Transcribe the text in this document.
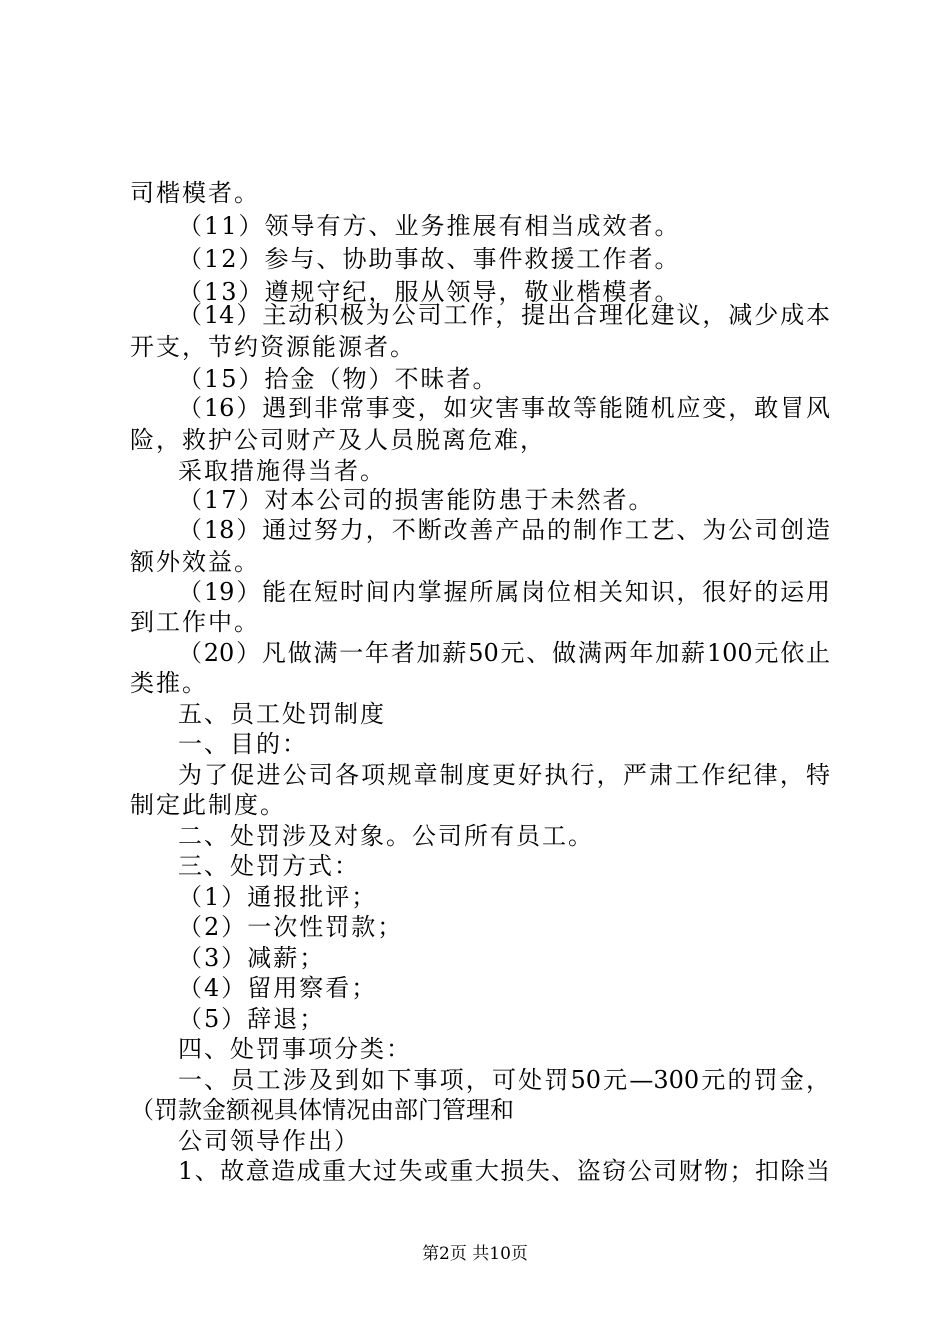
司楷模者。
（11）领导有方、业务推展有相当成效者。
（12）参与、协助事故、事件救援工作者。
（13）遵规守纪，服从领导，敬业楷模者。
（14）主动积极为公司工作，提出合理化建议，减少成本
开支，节约资源能源者。
（15）拾金（物）不昧者。
（16）遇到非常事变，如灾害事故等能随机应变，敢冒风
险，救护公司财产及人员脱离危难，
采取措施得当者。
（17）对本公司的损害能防患于未然者。
（18）通过努力，不断改善产品的制作工艺、为公司创造
额外效益。
（19）能在短时间内掌握所属岗位相关知识，很好的运用
到工作中。
（20）凡做满一年者加薪50元、做满两年加薪100元依止
类推。
五、员工处罚制度
一、目的：
为了促进公司各项规章制度更好执行，严肃工作纪律，特
制定此制度。
二、处罚涉及对象。公司所有员工。
三、处罚方式：
（1）通报批评；
（2）一次性罚款；
（3）减薪；
（4）留用察看；
（5）辞退；
四、处罚事项分类：
一、员工涉及到如下事项，可处罚50元—300元的罚金，
（罚款金额视具体情况由部门管理和
公司领导作出）
1、故意造成重大过失或重大损失、盗窃公司财物；扣除当
第2页 共10页
